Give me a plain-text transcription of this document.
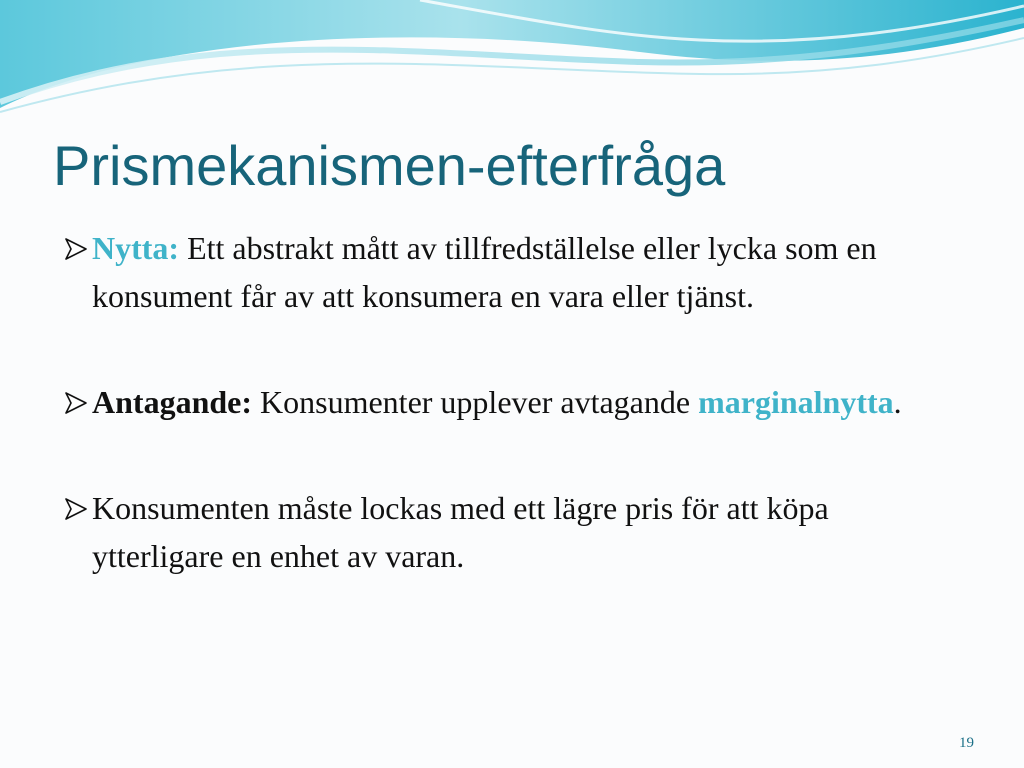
Prismekanismen-efterfråga
Nytta: Ett abstrakt mått av tillfredställelse eller lycka som en konsument får av att konsumera en vara eller tjänst.
Antagande: Konsumenter upplever avtagande marginalnytta.
Konsumenten måste lockas med ett lägre pris för att köpa ytterligare en enhet av varan.
19
